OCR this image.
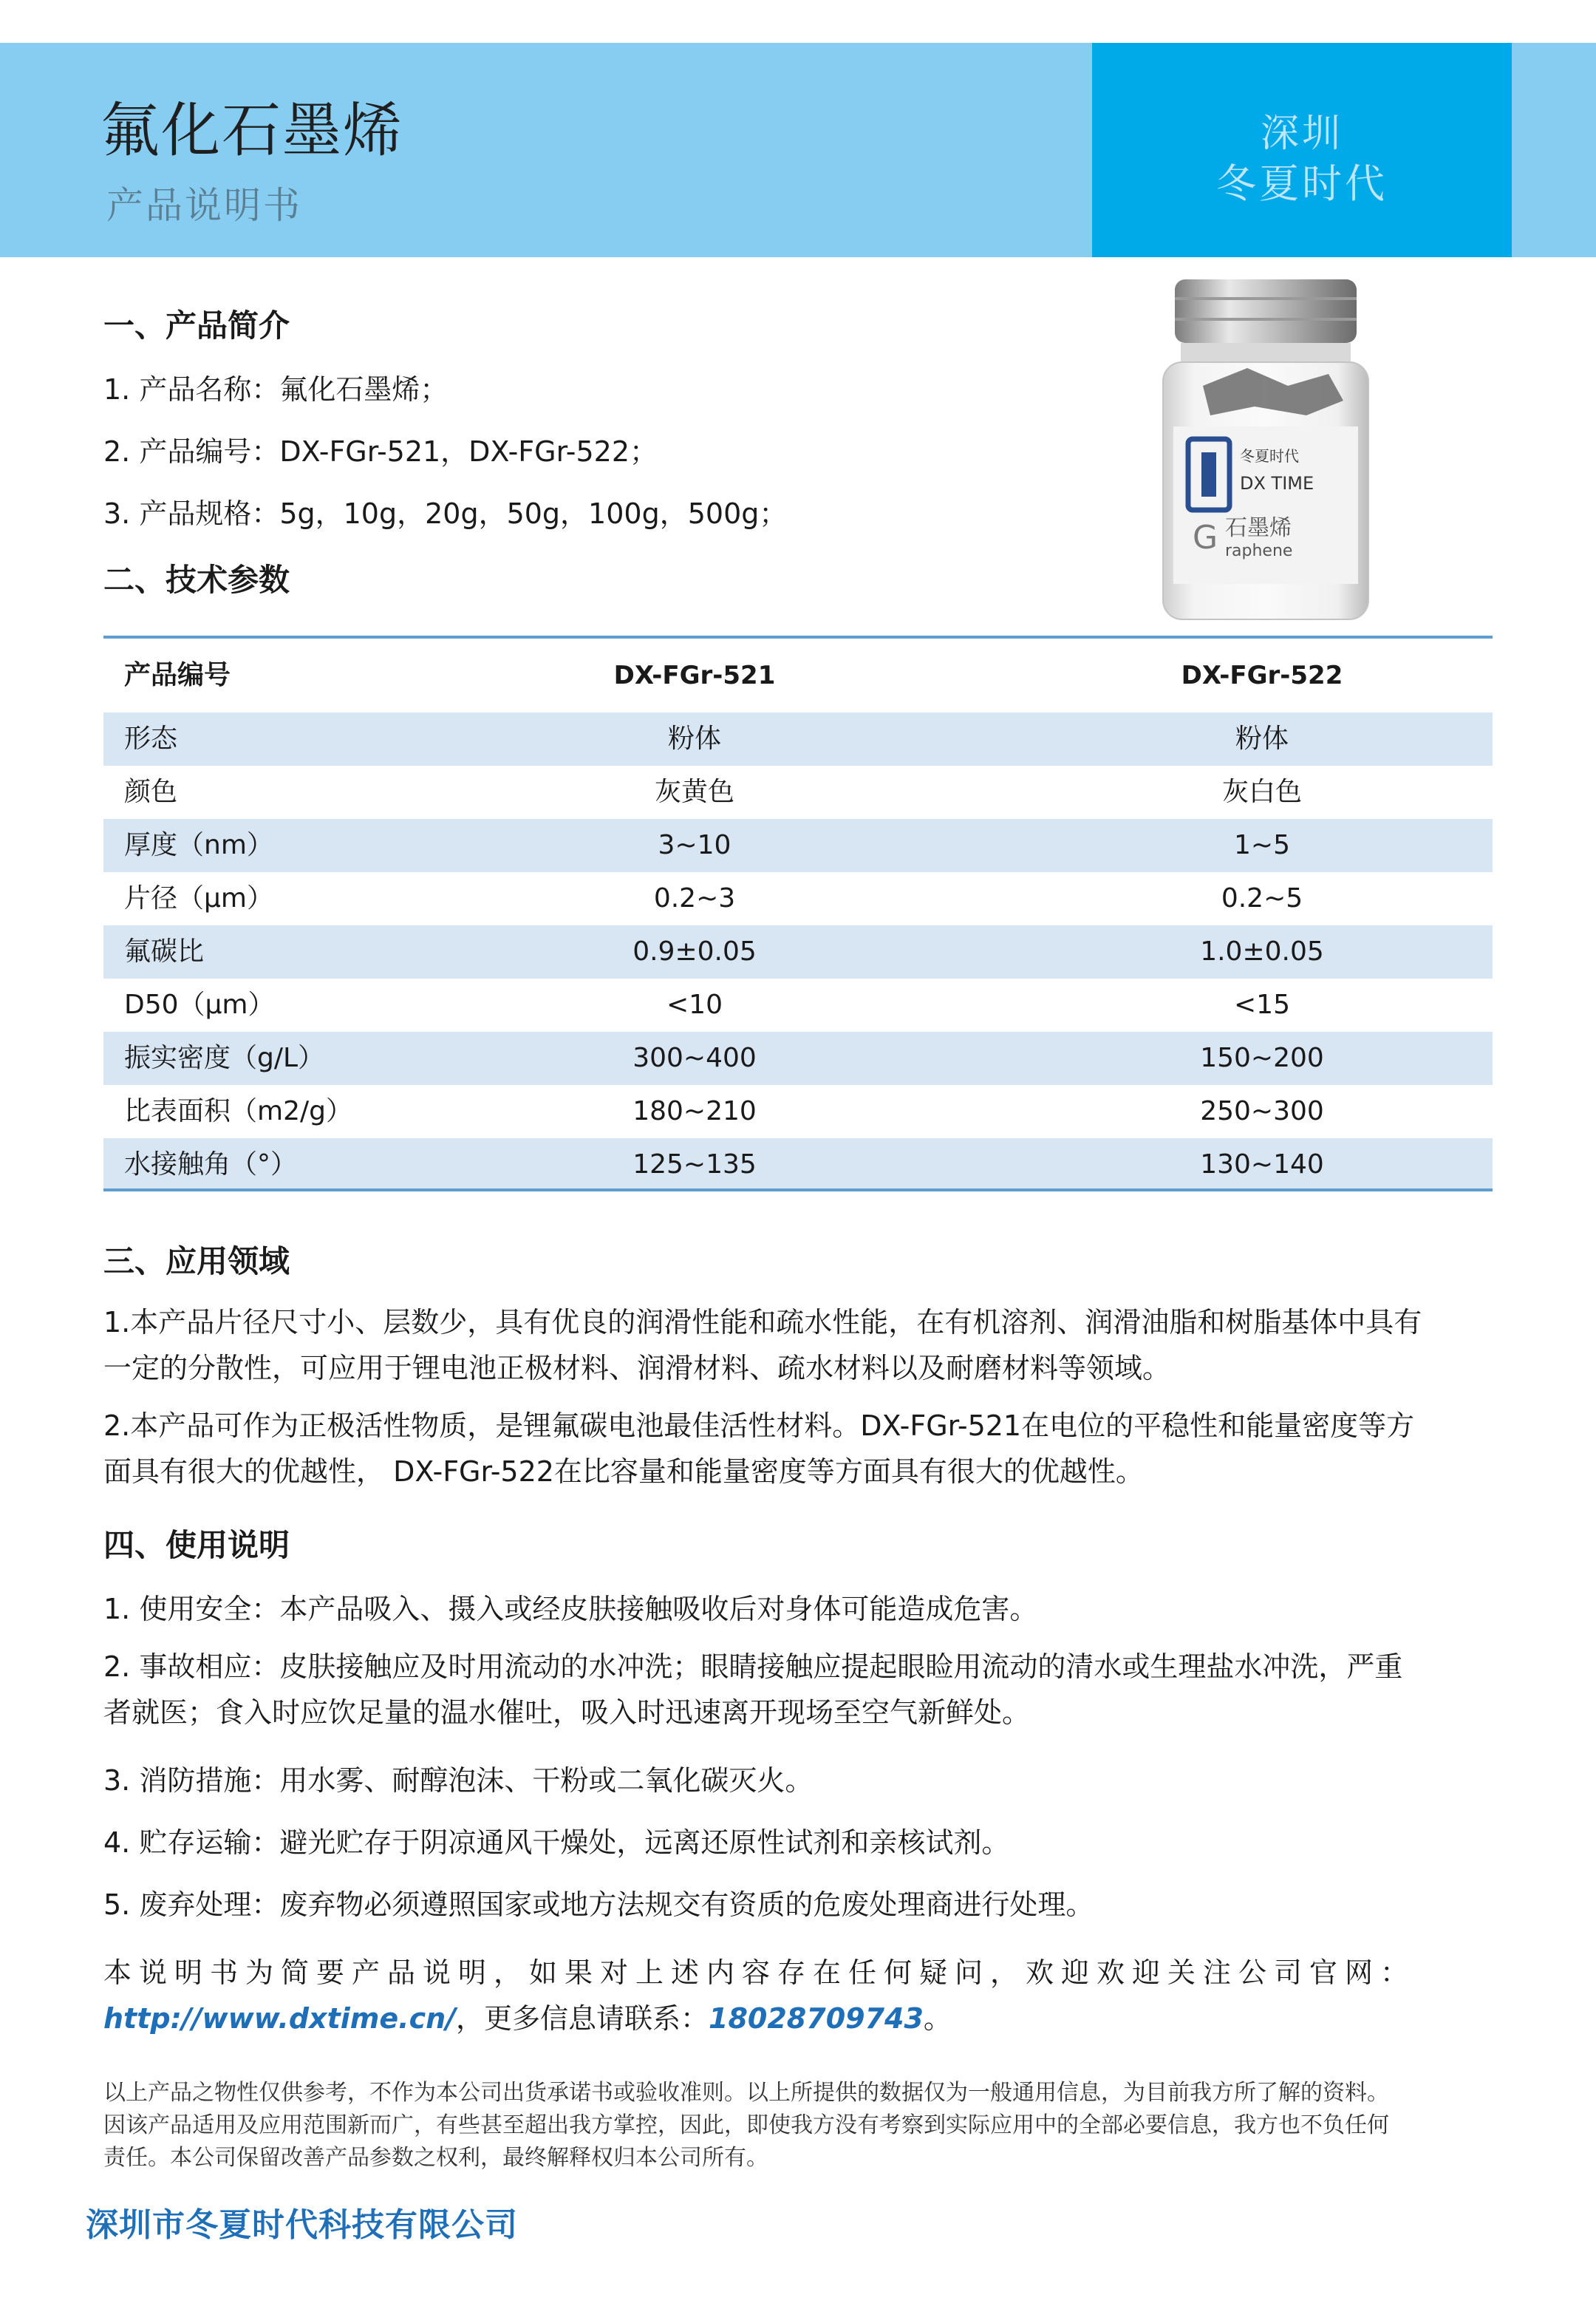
氟化石墨烯
产品说明书
深圳
冬夏时代
一、产品简介
1. 产品名称：氟化石墨烯；
2. 产品编号：DX-FGr-521，DX-FGr-522；
3. 产品规格：5g，10g，20g，50g，100g，500g；
冬夏时代
DX TIME
G 石墨烯
raphene
二、技术参数
产品编号	DX-FGr-521	DX-FGr-522
形态	粉体	粉体
颜色	灰黄色	灰白色
厚度（nm）	3~10	1~5
片径（μm）	0.2~3	0.2~5
氟碳比	0.9±0.05	1.0±0.05
D50（μm）	<10	<15
振实密度（g/L）	300~400	150~200
比表面积（m2/g）	180~210	250~300
水接触角（°）	125~135	130~140
三、应用领域
1.本产品片径尺寸小、层数少，具有优良的润滑性能和疏水性能，在有机溶剂、润滑油脂和树脂基体中具有
一定的分散性，可应用于锂电池正极材料、润滑材料、疏水材料以及耐磨材料等领域。
2.本产品可作为正极活性物质，是锂氟碳电池最佳活性材料。DX-FGr-521在电位的平稳性和能量密度等方
面具有很大的优越性， DX-FGr-522在比容量和能量密度等方面具有很大的优越性。
四、使用说明
1. 使用安全：本产品吸入、摄入或经皮肤接触吸收后对身体可能造成危害。
2. 事故相应：皮肤接触应及时用流动的水冲洗；眼睛接触应提起眼睑用流动的清水或生理盐水冲洗，严重
者就医；食入时应饮足量的温水催吐，吸入时迅速离开现场至空气新鲜处。
3. 消防措施：用水雾、耐醇泡沫、干粉或二氧化碳灭火。
4. 贮存运输：避光贮存于阴凉通风干燥处，远离还原性试剂和亲核试剂。
5. 废弃处理：废弃物必须遵照国家或地方法规交有资质的危废处理商进行处理。
本说明书为简要产品说明，如果对上述内容存在任何疑问，欢迎欢迎关注公司官网：
http://www.dxtime.cn/，更多信息请联系：18028709743。
以上产品之物性仅供参考，不作为本公司出货承诺书或验收准则。以上所提供的数据仅为一般通用信息，为目前我方所了解的资料。
因该产品适用及应用范围新而广，有些甚至超出我方掌控，因此，即使我方没有考察到实际应用中的全部必要信息，我方也不负任何
责任。本公司保留改善产品参数之权利，最终解释权归本公司所有。
深圳市冬夏时代科技有限公司
